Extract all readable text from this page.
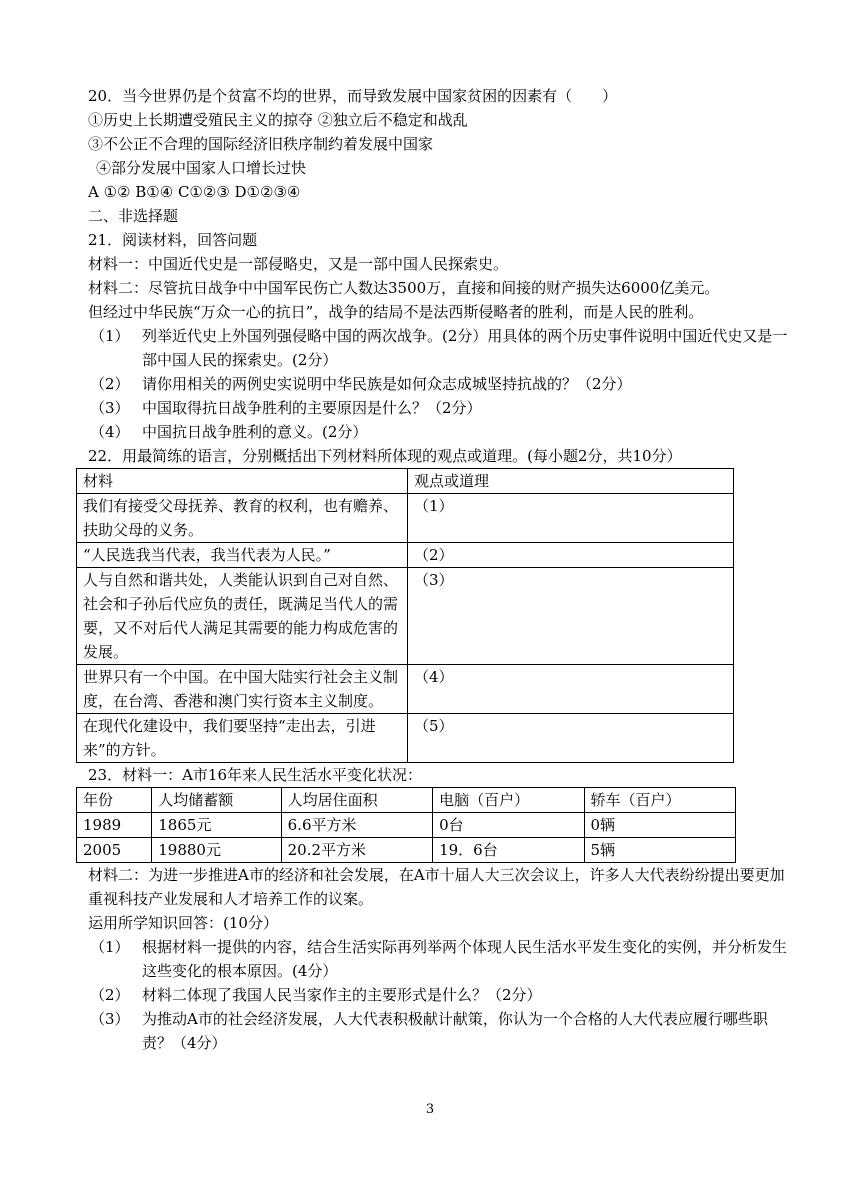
20．当今世界仍是个贫富不均的世界，而导致发展中国家贫困的因素有（　　）
①历史上长期遭受殖民主义的掠夺 ②独立后不稳定和战乱
③不公正不合理的国际经济旧秩序制约着发展中国家
④部分发展中国家人口增长过快
A ①② B①④ C①②③ D①②③④
二、非选择题
21．阅读材料，回答问题
材料一：中国近代史是一部侵略史，又是一部中国人民探索史。
材料二：尽管抗日战争中中国军民伤亡人数达3500万，直接和间接的财产损失达6000亿美元。
但经过中华民族“万众一心的抗日”，战争的结局不是法西斯侵略者的胜利，而是人民的胜利。
（1） 列举近代史上外国列强侵略中国的两次战争。(2分）用具体的两个历史事件说明中国近代史又是一部中国人民的探索史。(2分）
（2） 请你用相关的两例史实说明中华民族是如何众志成城坚持抗战的？（2分）
（3） 中国取得抗日战争胜利的主要原因是什么？（2分）
（4） 中国抗日战争胜利的意义。(2分）
22．用最简练的语言，分别概括出下列材料所体现的观点或道理。(每小题2分，共10分）
材料	观点或道理
我们有接受父母抚养、教育的权利，也有赡养、扶助父母的义务。	（1）
“人民选我当代表，我当代表为人民。”	（2）
人与自然和谐共处，人类能认识到自己对自然、社会和子孙后代应负的责任，既满足当代人的需要，又不对后代人满足其需要的能力构成危害的发展。	（3）
世界只有一个中国。在中国大陆实行社会主义制度，在台湾、香港和澳门实行资本主义制度。	（4）
在现代化建设中，我们要坚持“走出去，引进来”的方针。	（5）
23．材料一：A市16年来人民生活水平变化状况：
年份	人均储蓄额	人均居住面积	电脑（百户）	轿车（百户）
1989	1865元	6.6平方米	0台	0辆
2005	19880元	20.2平方米	19．6台	5辆
材料二：为进一步推进A市的经济和社会发展，在A市十届人大三次会议上，许多人大代表纷纷提出要更加重视科技产业发展和人才培养工作的议案。
运用所学知识回答：(10分）
（1） 根据材料一提供的内容，结合生活实际再列举两个体现人民生活水平发生变化的实例，并分析发生这些变化的根本原因。(4分）
（2） 材料二体现了我国人民当家作主的主要形式是什么？（2分）
（3） 为推动A市的社会经济发展，人大代表积极献计献策，你认为一个合格的人大代表应履行哪些职责？（4分）
3
